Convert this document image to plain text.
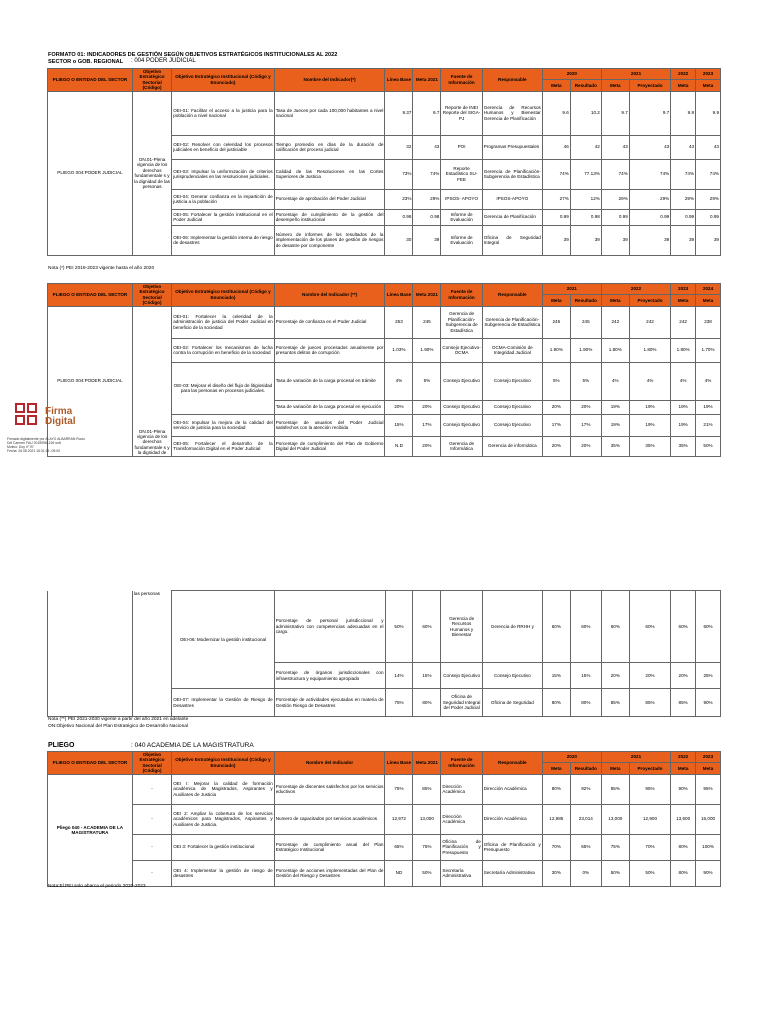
FORMATO 01: INDICADORES DE GESTIÓN SEGÚN OBJETIVOS ESTRATÉGICOS INSTITUCIONALES AL 2022
SECTOR o GOB. REGIONAL : 004 PODER JUDICIAL
PLIEGO O ENTIDAD DEL SECTOR	Objetivo Estratégico Sectorial (Código)	Objetivo Estratégico Institucional (Código y Enunciado)	Nombre del Indicador(*)	Línea Base	Meta 2021	Fuente de Información	Responsable	2020		2021		2022	2023
								Meta	Resultado	Meta	Proyectado	Meta	Meta
PLIEGO 004:PODER JUDICIAL	ON.01-Plena vigencia de los derechos fundamentale s y la dignidad de las personas	OEI-01: Facilitar el acceso a la justicia para la población a nivel nacional	Tasa de Jueces por cada 100,000 habitantes a nivel nacional	9.37	9.7	Reporte de INEI Reporte del SIGA-PJ	Gerencia de Recursos Humanos y Bienestar Gerencia de Planificación	9.6	10.2	9.7	9.7	9.8	9.9
		OEI-02: Resolver con celeridad los procesos judiciales en beneficio del justiciable	Tiempo promedio en días de la duración de calificación del proceso judicial	32	43	POI	Programas Presupuestales	46	42	43	43	43	43
		OEI-03: Impulsar la uniformización de criterios jurisprudenciales en las resoluciones judiciales.	Calidad de las Resoluciones en las Cortes Superiores de Justicia	73%	74%	Reporte Estadístico SU-FEE	Gerencia de Planificación- Subgerencia de Estadística	74%	77.13%	74%	74%	74%	74%
		OEI-04: Generar confianza en la impartición de justicia a la población	Porcentaje de aprobación del Poder Judicial	23%	29%	IPSOS- APOYO	IPSOS-APOYO	27%	12%	29%	29%	29%	29%
		OEI-05: Fortalecer la gestión institucional en el Poder Judicial	Porcentaje de cumplimiento de la gestión del desempeño institucional	0.98	0.98	Informe de Evaluación	Gerencia de Planificación	0.99	0.98	0.99	0.99	0.99	0.99
		OEI-06: Implementar la gestión interna de riesgo de desastres	Número de informes de los resultados de la implementación de los planes de gestión de riesgos de desastre por componente	30	39	Informe de Evaluación	Oficina de Seguridad Integral	39	39	39	39	39	39
Nota (*) PEI 2019-2023 vigente hasta el año 2020
PLIEGO O ENTIDAD DEL SECTOR	Objetivo Estratégico Sectorial (Código)	Objetivo Estratégico Institucional (Código y Enunciado)	Nombre del Indicador (**)	Línea Base	Meta 2021	Fuente de Información	Responsable	2021		2022		2023	2024
								Meta	Resultado	Meta	Proyectado	Meta	Meta
PLIEGO 004:PODER JUDICIAL	ON.01-Plena vigencia de los derechos fundamentale s y la dignidad de	OEI-01: Fortalecer la celeridad de la administración de justicia del Poder Judicial en beneficio de la sociedad	Porcentaje de confianza en el Poder Judicial	253	245	Gerencia de Planificación- Subgerencia de Estadística	Gerencia de Planificación- Subgerencia de Estadística	245	245	242	242	242	238
		OEI-02: Fortalecer los mecanismos de lucha contra la corrupción en beneficio de la sociedad	Porcentaje de jueces procesados anualmente por presuntos delitos de corrupción	1.03%	1.90%	Consejo Ejecutivo-OCMA	OCMA-Comisión de Integridad Judicial	1.90%	1.90%	1.80%	1.80%	1.80%	1.70%
		OEI-03: Mejorar el diseño del flujo de litigiosidad para las personas en procesos judiciales.	Tasa de variación de la carga procesal en trámite	4%	5%	Consejo Ejecutivo	Consejo Ejecutivo	5%	5%	4%	4%	4%	4%
			Tasa de variación de la carga procesal en ejecución	20%	20%	Consejo Ejecutivo	Consejo Ejecutivo	20%	20%	19%	19%	19%	19%
		OEI-04: Impulsar la mejora de la calidad del servicio de justicia para la sociedad	Porcentaje de usuarios del Poder Judicial satisfechos con la atención recibida	15%	17%	Consejo Ejecutivo	Consejo Ejecutivo	17%	17%	19%	19%	19%	21%
		OEI-05: Fortalecer el desarrollo de la Transformación Digital en el Poder Judicial	Porcentaje de cumplimiento del Plan de Gobierno Digital del Poder Judicial	N.D	20%	Gerencia de Informática	Gerencia de informática	20%	20%	35%	35%	35%	50%
Firma Digital
Firmado digitalmente por ALAYO ALBARRAN Rocio Del Carmen FAU 20159981216 soft
Motivo: Doy V° B°
Fecha: 26.08.2021 16:31:35 -05:00
	las personas	OEI-06: Modernizar la gestión institucional	Porcentaje de personal jurisdiccional y administrativo con competencias adecuadas en el cargo.	50%	60%	Gerencia de Recursos Humanos y Bienestar	Gerencia de RRHH y	60%	60%	60%	60%	60%	60%
			Porcentaje de órganos jurisdiccionales con infraestructura y equipamiento apropiado	14%	15%	Consejo Ejecutivo	Consejo Ejecutivo	15%	15%	20%	20%	20%	25%
		OEI-07: Implementar la Gestión de Riesgo de Desastres	Porcentaje de actividades ejecutadas en materia de Gestión Riesgo de Desastres	75%	80%	Oficina de Seguridad Integral del Poder Judicial	Oficina de Seguridad	80%	80%	85%	85%	85%	90%
Nota (**) PEI 2021-2030 vigente a partir del año 2021 en adelante
ON:Objetivo Nacional del Plan Estratégico de Desarrollo Nacional
PLIEGO	: 040 ACADEMIA DE LA MAGISTRATURA
PLIEGO O ENTIDAD DEL SECTOR	Objetivo Estratégico Sectorial (Código)	Objetivo Estratégico Institucional (Código y Enunciado)	Nombre del Indicador	Línea Base	Meta 2021	Fuente de Información	Responsable	2020		2021		2022	2023
								Meta	Resultado	Meta	Proyectado	Meta	Meta
Pliego 040 - ACADEMIA DE LA MAGISTRATURA	-	OEI I: Mejorar la calidad de formación académica de Magistrados, Aspirantes y Auxiliares de Justicia	Porcentaje de discentes satisfechos por los servicios eductivos	75%	85%	Dirección Académica	Dirección Académica	80%	92%	85%	95%	90%	95%
	-	OEI 2: Ampliar la cobertura de los servicios académicos para Magistrados, Aspirantes y Auxiliares de Justicia.	Numero de capacitados por servicios académicos	12,972	13,000	Dirección Académica	Dirección Académica	12,985	23,014	13,000	12,900	13,500	15,000
	-	OEI 3: Fortalecer la gestión institucional	Porcentaje de cumplimiento anual del Plan Estratégico Institucional	65%	75%	Oficina de Planificación y Presupuesto	Oficina de Planificación y Presupuesto	70%	65%	75%	70%	80%	100%
	-	OEI 4: Implementar la gestión de riesgo de desastres	Porcentaje de acciones implementadas del Plan de Gestión del Riesgo y Desastres	ND	50%	Secretaría Administrativa	Secretaría Administrativa	30%	0%	50%	50%	80%	90%
Nota:El PEI solo abarca el periodo 2020-2023
